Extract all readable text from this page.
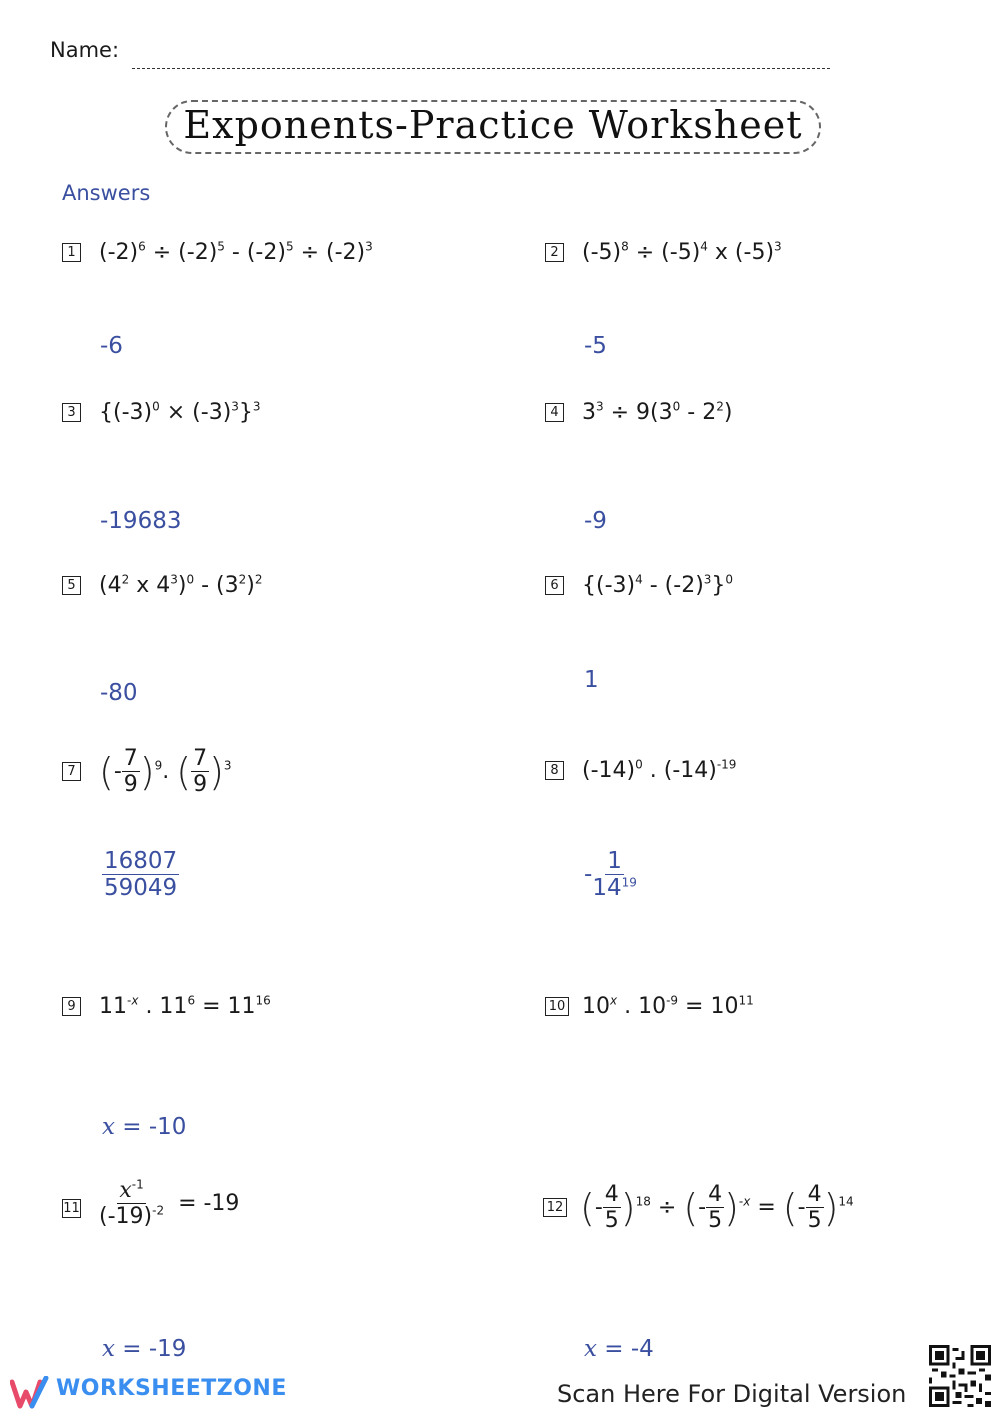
Name:
Exponents-Practice Worksheet
Answers
1 $(-2)^6 \div (-2)^5 - (-2)^5 \div (-2)^3$
-6
2 $(-5)^8 \div (-5)^4$ x $(-5)^3$
-5
3 $\{(-3)^0 \times (-3)^3\}^3$
-19683
4 $3^3 \div 9(3^0 - 2^2)$
-9
5 ($4^2$ x $4^3)^0 - (3^2)^2$
-80
6 $\{(-3)^4 - (-2)^3\}^0$
1
7 (- $\frac{7}{9} )^9$. ( $\frac{7}{9} )^3$
$\frac{16807}{59049}$
8 $(-14)^0$ . $(-14)^{-19}$
- $\frac{1}{14^{19}}$
9 $11^{-x}$ . $11^6 = 11^{16}$
x = -10
10 10$^x$ . $10^{-9} = 10^{11}$
$11 \frac{x^{-1}}{(-19)^{-2}} = -19$
x = -19
12 (- $\frac{4}{5} )^{18}$ ÷ (- $\frac{4}{5} )^{-x}$ = (- $\frac{4}{5} )^{14}$
x = -4
WORKSHEETZONE	Scan Here For Digital Version
